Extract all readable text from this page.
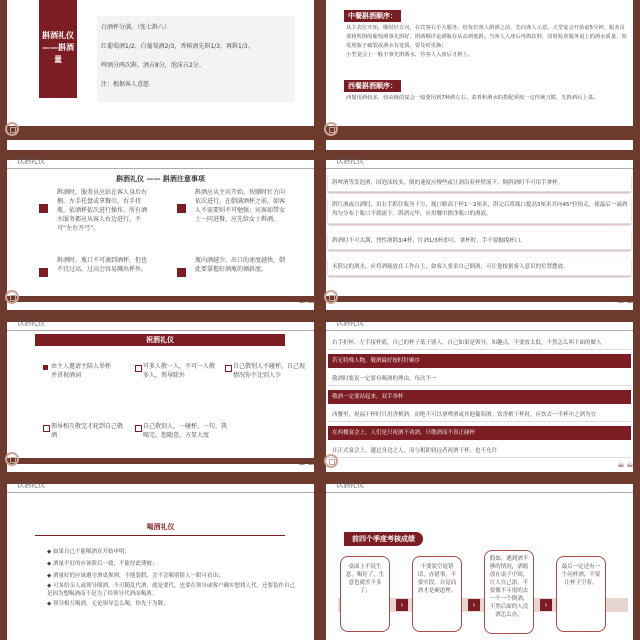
斟酒礼仪——斟酒量
白酒杯分满。（张七斟八）
红葡萄酒1/2、白葡萄酒2/3，香槟酒先斟1/3，再斟1/3。
啤酒分两次斟，酒占8分，泡沫占2分。
注：根据客人意愿
☕☕
中餐斟酒顺序：
从主宾位开始，顺时针方向，在宾客右手方服务，给每位客人斟酒之前，先向客人示意。大型宴会开始前5分钟，服务员要将所斟的葡萄酒事先斟好。斟酒顺序是酒瓶在从高到低斟。当客人入座后再斟饮料，同时检查服务桌上的酒水质量，如发现瓶子破裂或酒水有变质，要及时更换；
小型宴会上一般不事先斟酒水，待客人入座后才斟上。
西餐斟酒顺序：
西餐用酒较多，较高级的宴会一般要用到7种酒左右。菜肴和酒水的搭配须按一定传统习惯，先斟酒后上菜。
☕☕
饮酒礼仪
斟酒礼仪 —— 斟酒注意事项
斟酒时，服务员应站在客人身后右侧，左手托盘或拿餐巾，右手持瓶，依酒杯依次进行操作，所有酒水服务都应从客人右边进行，不可“左右开弓”。
斟酒应从主宾开始，按顺时针方向依次进行，在倒满酒杯之前，如客人不需要则不可勉强；宾客如带女士一同进餐，应先给女士斟酒。
斟酒时，瓶口不可滴到酒杯，但也不宜过高，过高会容易溅出杯外。
瓶内酒越少，出口的速度越快，倒此要掌握好酒瓶的倾斜度。
☕☕
饮酒礼仪
斟啤酒等发泡酒，因泡沫较多，倒的速度应慢些或让酒沿着杯壁流下，倒斟酒时不可用手拿杯。
斟红酒或白酒时，用右手抓住瓶身下方，瓶口略高于杯1～2厘米，斟完后将瓶口提高3厘米并向45°拉抬走，使最后一滴酒均匀分布于瓶口不致流下。斟酒完毕，应用餐巾擦净瓶口的酒液。
斟酒时不可太满，烈性酒斟3/4杯，红酒1/3杯即可。拿杯时，手不要触摸杯口。
未斟完的酒水，应将酒瓶放在工作台上，如客人要求自己倒酒，可让他根据客人意识的位置摆放。
☕☕
饮酒礼仪
祝酒礼仪
由主人邀请主陪人举杯并讲祝酒词
可多人敬一人，不可一人敬多人，领导除外
自己敬别人不碰杯，自己视情况你不比别人少
领导相互敬完才轮到自己敬酒
自己敬别人，一碰杯，一句，我喝完，您随意，方显大度
☕☕
饮酒礼仪
右手拒杯，左手接杯底，自己的杯子低于别人。自己如果是领导，知趣点，不要放太低，不然怎么叫下面的做人
若无特殊人物，敬酒最好按时针顺序
敬酒时要说一定要有喝酒的理由，每次不一
敬酒一定要站起来，双手举杯
西餐里，祝福干杯时只用香槟酒，而绝不可以拿啤酒或其他葡萄酒。饮香槟干杯时，应饮去一半杯中之酒为宜
在西餐宴会上，人们是只祝酒不劝酒，只敬酒而不真正碰杯
在正式宴会上，越过身边之人，而与相距较远者祝酒干杯，也不允许
☕☕
饮酒礼仪
喝酒礼仪
◆ 如果自己不能喝酒在开始申明；
◆ 酒量不好的应该阶后一致，不能厚此薄彼；
◆ 酒量好的应该遵守酒桌规则，不能装假，会不会喝别猜人一眼可看出；
◆ 可多给亲人或领导倒酒，不可随乱代酒，就是要代，也要在领导或客户确实想找人代，还要装作自己是因为想喝酒而不是为了给领导代酒而喝酒。
◆ 领导相互喝酒，无论领导怎么喝，你先干为敬；
饮酒礼仪
前四个季度考核成绩
桌面上不说生意，喝好了，生意也就差不多了；
›
不要装空说错话，办错事，不要中段，自觉而酒才是硬道理。
›
假如，遇到酒不够的情况，酒瓶放在桌子中间，让人自己添，不要像不斗很的去一个一个倒酒，不然后面的人没酒怎么办，
›
最后一定还有一个问杯酒，不要让杯子空着。
